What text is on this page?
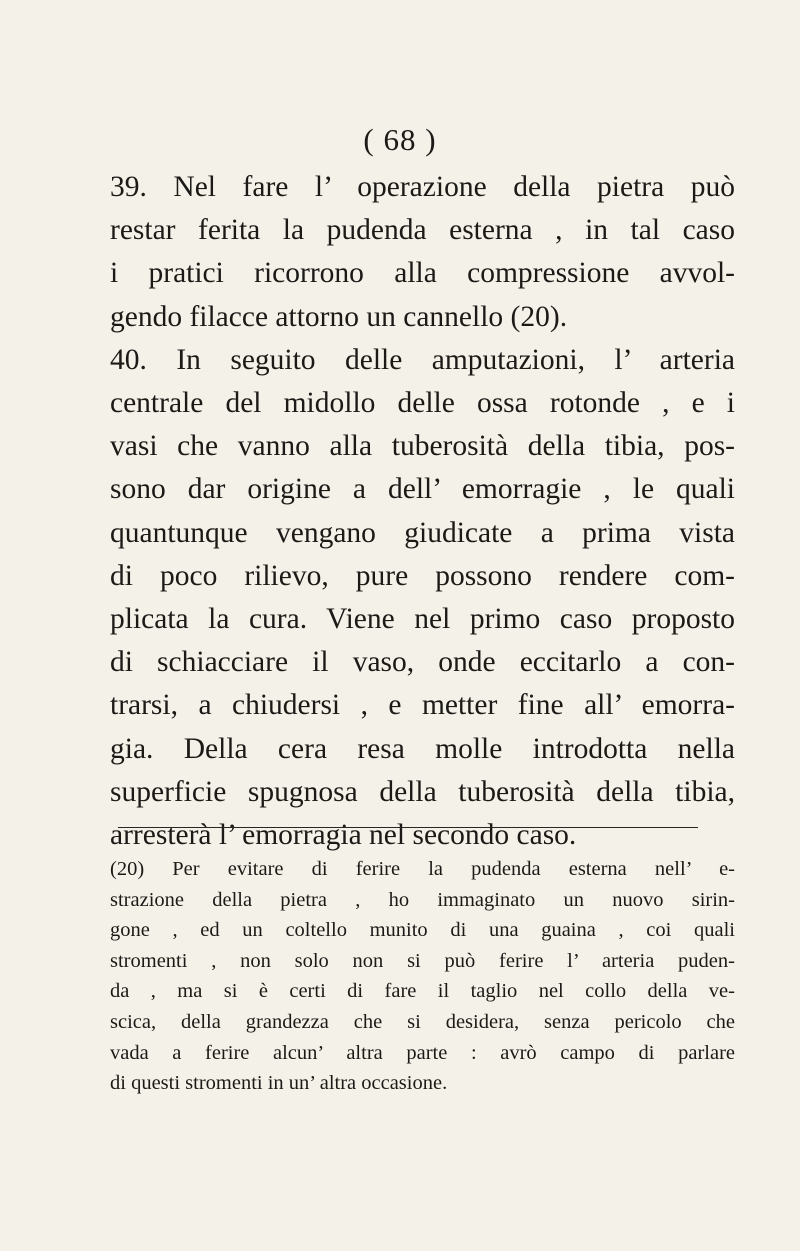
( 68 )
39. Nel fare l’ operazione della pietra può
restar ferita la pudenda esterna , in tal caso
i pratici ricorrono alla compressione avvol-
gendo filacce attorno un cannello (20).
40. In seguito delle amputazioni, l’ arteria
centrale del midollo delle ossa rotonde , e i
vasi che vanno alla tuberosità della tibia, pos-
sono dar origine a dell’ emorragie , le quali
quantunque vengano giudicate a prima vista
di poco rilievo, pure possono rendere com-
plicata la cura. Viene nel primo caso proposto
di schiacciare il vaso, onde eccitarlo a con-
trarsi, a chiudersi , e metter fine all’ emorra-
gia. Della cera resa molle introdotta nella
superficie spugnosa della tuberosità della tibia,
arresterà l’ emorragia nel secondo caso.
(20) Per evitare di ferire la pudenda esterna nell’ e-
strazione della pietra , ho immaginato un nuovo sirin-
gone , ed un coltello munito di una guaina , coi quali
stromenti , non solo non si può ferire l’ arteria puden-
da , ma si è certi di fare il taglio nel collo della ve-
scica, della grandezza che si desidera, senza pericolo che
vada a ferire alcun’ altra parte : avrò campo di parlare
di questi stromenti in un’ altra occasione.
